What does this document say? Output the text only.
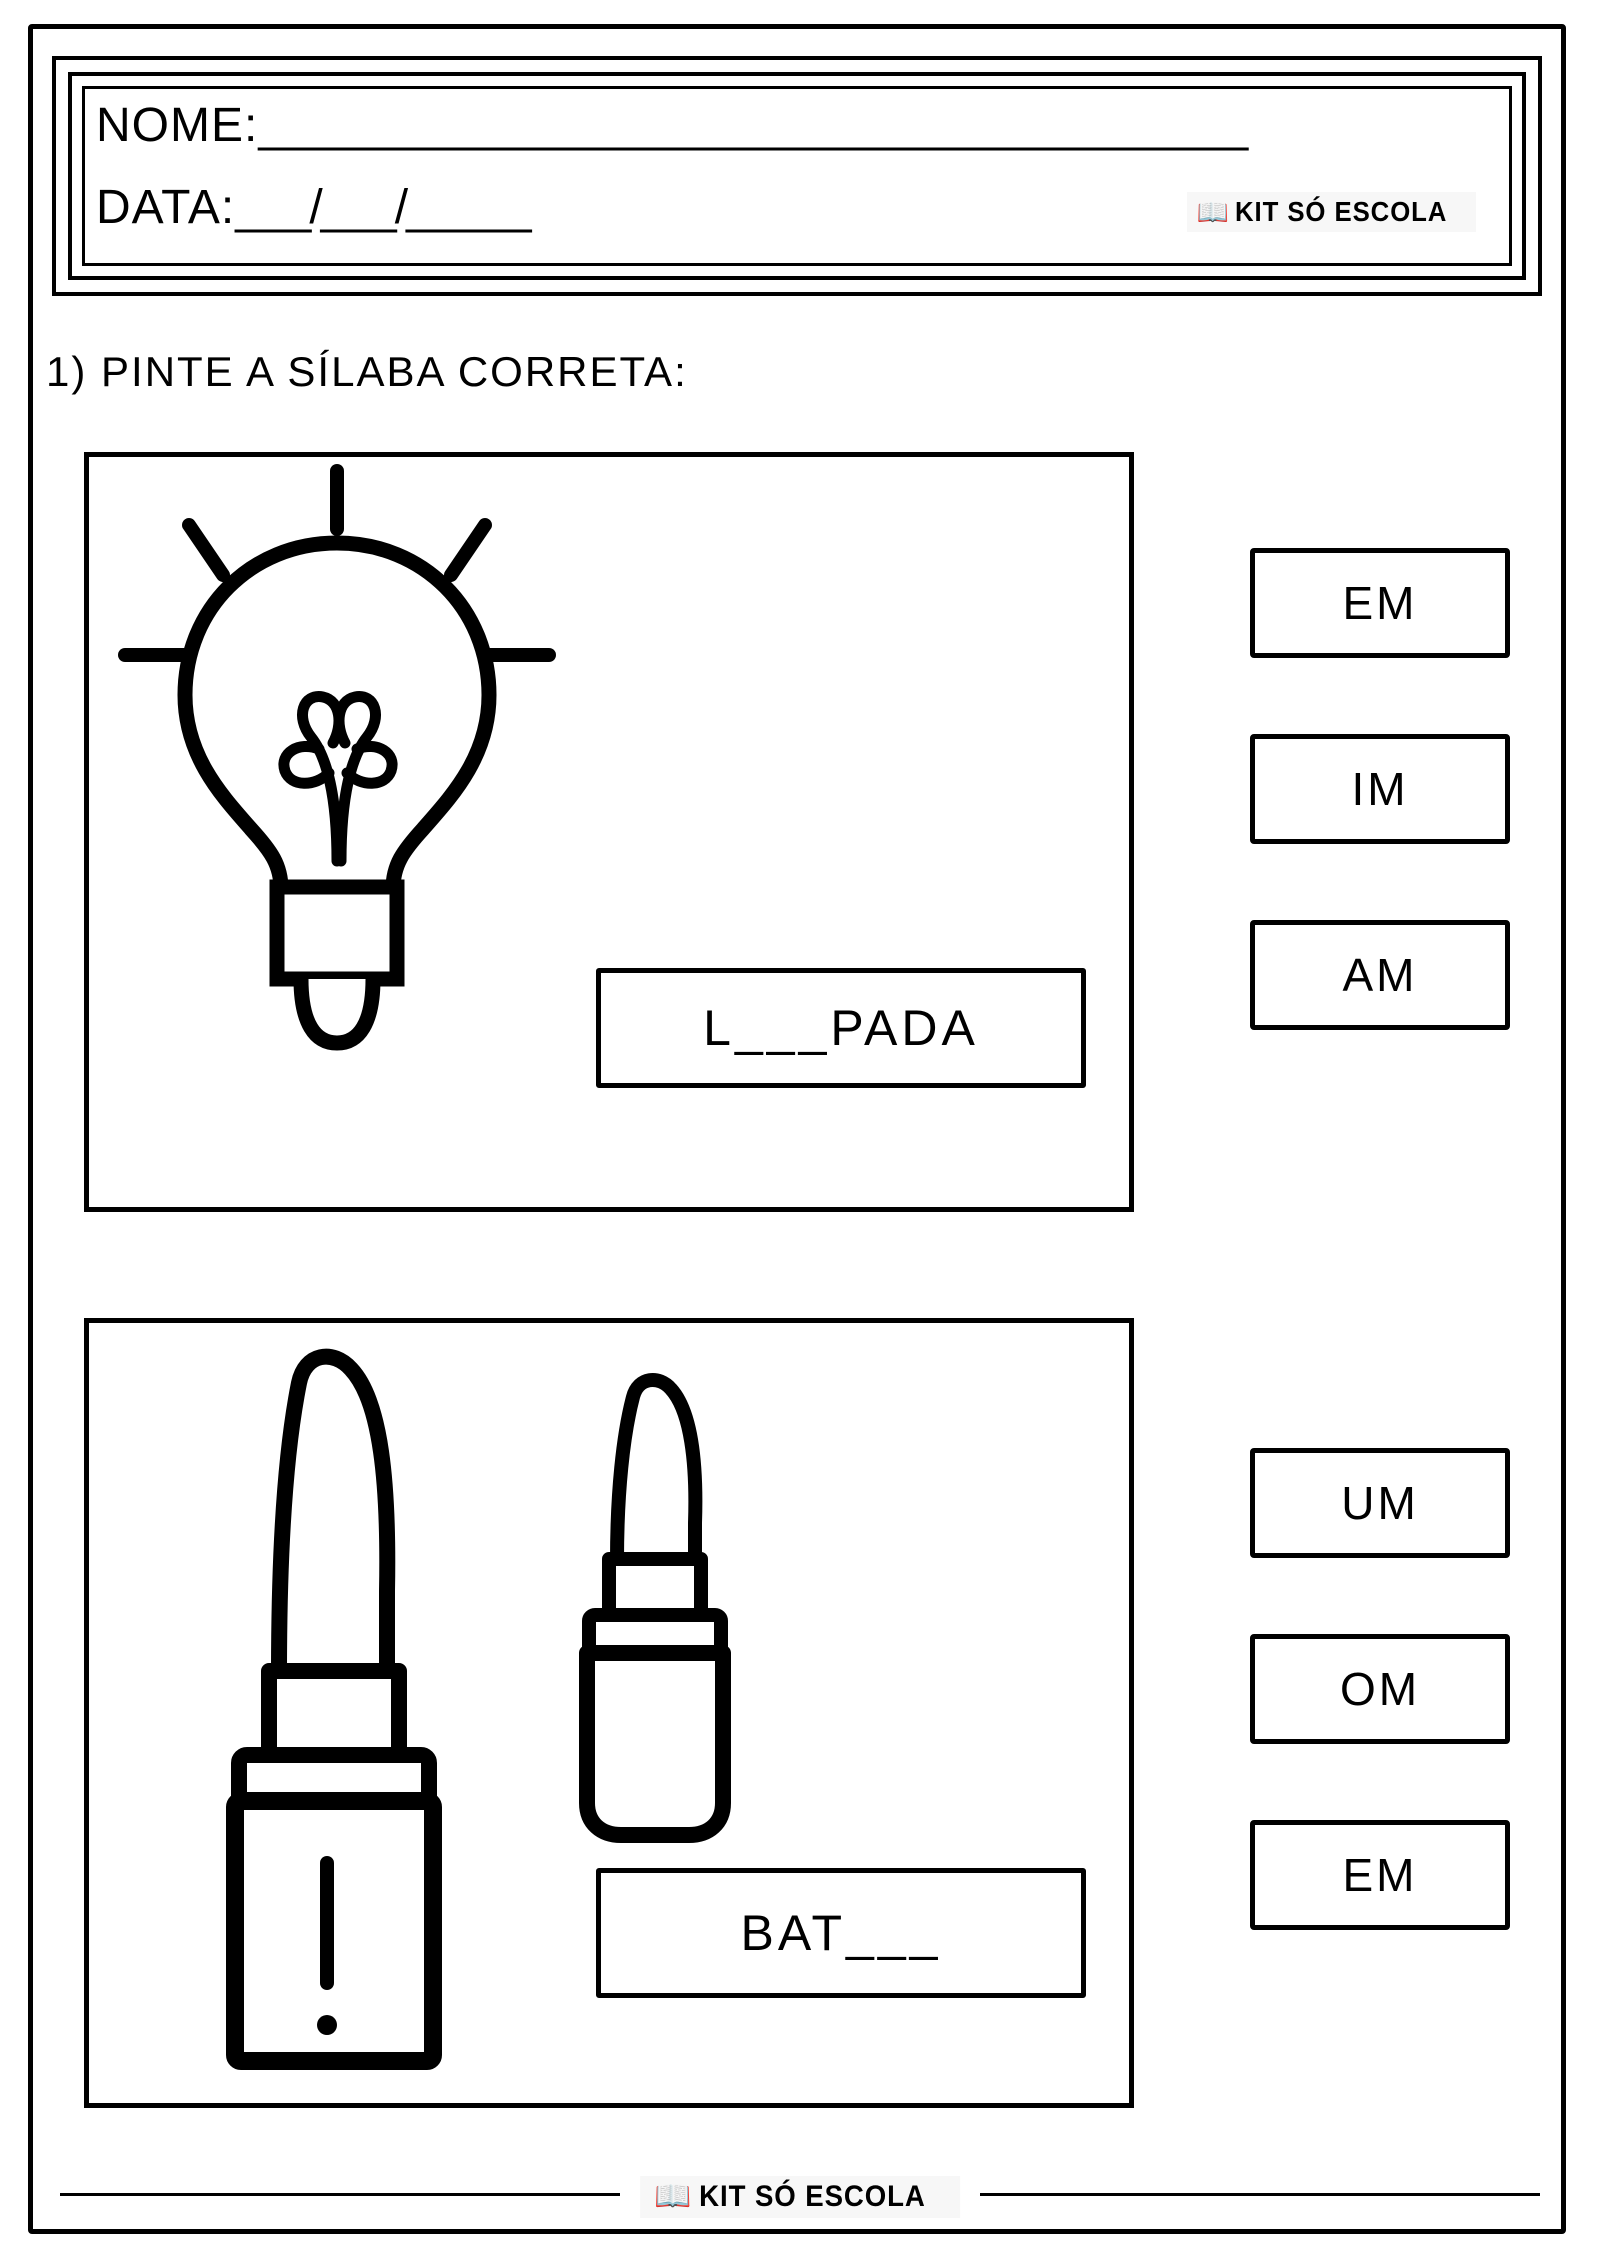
NOME:________________________________________
DATA:___/___/_____	📖 KIT SÓ ESCOLA
1) PINTE A SÍLABA CORRETA:
L___PADA
EM
IM
AM
BAT___
UM
OM
EM
📖 KIT SÓ ESCOLA
